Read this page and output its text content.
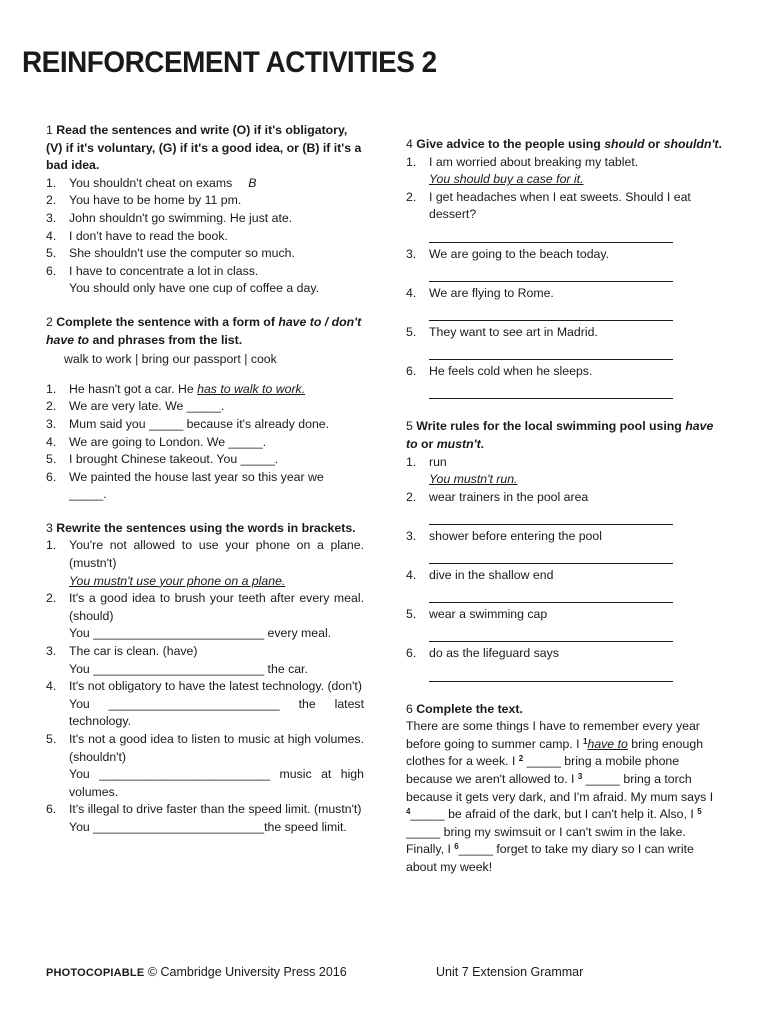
REINFORCEMENT ACTIVITIES 2
1 Read the sentences and write (O) if it's obligatory, (V) if it's voluntary, (G) if it's a good idea, or (B) if it's a bad idea.
1.	You shouldn't cheat on exams B
2.	You have to be home by 11 pm.
3.	John shouldn't go swimming. He just ate.
4.	I don't have to read the book.
5.	She shouldn't use the computer so much.
6.	I have to concentrate a lot in class.
You should only have one cup of coffee a day.
2 Complete the sentence with a form of have to / don't have to and phrases from the list.
walk to work | bring our passport | cook
1.	He hasn't got a car. He has to walk to work.
2.	We are very late. We _____.
3.	Mum said you _____ because it's already done.
4.	We are going to London. We _____.
5.	I brought Chinese takeout. You _____.
6.	We painted the house last year so this year we _____.
3 Rewrite the sentences using the words in brackets.
1.	You're not allowed to use your phone on a plane. (mustn't)
You mustn't use your phone on a plane.
2.	It's a good idea to brush your teeth after every meal. (should)
You _________________________ every meal.
3.	The car is clean. (have)
You _________________________ the car.
4.	It's not obligatory to have the latest technology. (don't)
You _________________________ the latest technology.
5.	It's not a good idea to listen to music at high volumes. (shouldn't)
You _________________________ music at high volumes.
6.	It's illegal to drive faster than the speed limit. (mustn't)
You _________________________the speed limit.
4 Give advice to the people using should or shouldn't.
1.	I am worried about breaking my tablet.
You should buy a case for it.
2.	I get headaches when I eat sweets. Should I eat dessert?
3.	We are going to the beach today.
4.	We are flying to Rome.
5.	They want to see art in Madrid.
6.	He feels cold when he sleeps.
5 Write rules for the local swimming pool using have to or mustn't.
1.	run
You mustn't run.
2.	wear trainers in the pool area
3.	shower before entering the pool
4.	dive in the shallow end
5.	wear a swimming cap
6.	do as the lifeguard says
6 Complete the text.
There are some things I have to remember every year before going to summer camp. I $^1$have to bring enough clothes for a week. I $^2$ _____ bring a mobile phone because we aren't allowed to. I $^3$ _____ bring a torch because it gets very dark, and I'm afraid. My mum says I $^4$_____ be afraid of the dark, but I can't help it. Also, I $^5$ _____ bring my swimsuit or I can't swim in the lake. Finally, I $^6$_____ forget to take my diary so I can write about my week!
PHOTOCOPIABLE © Cambridge University Press 2016	Unit 7 Extension Grammar
